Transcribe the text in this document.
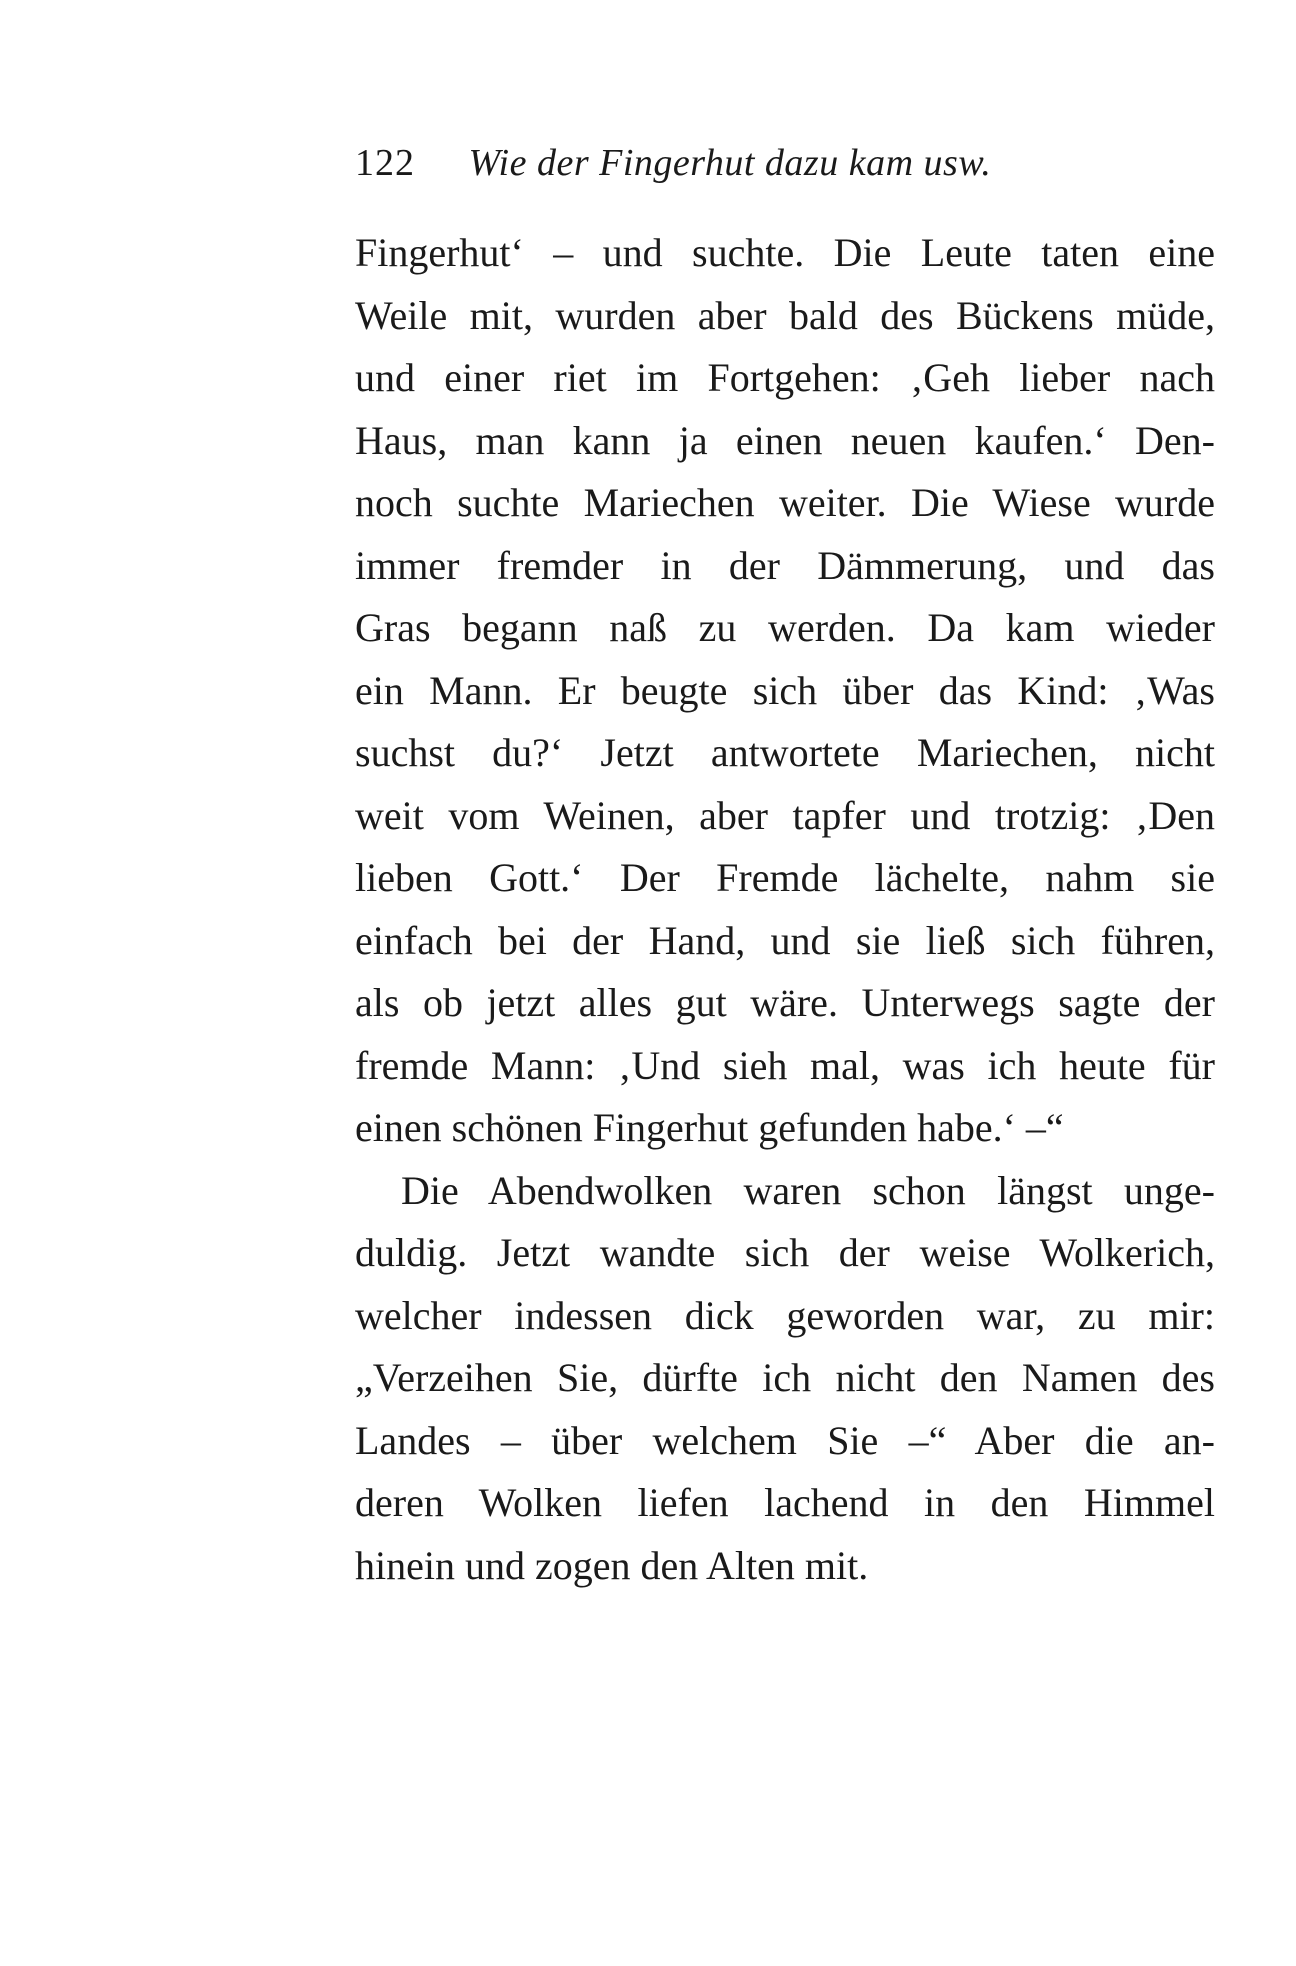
122 Wie der Fingerhut dazu kam usw.
Fingerhut‘ – und suchte. Die Leute taten eine
Weile mit, wurden aber bald des Bückens müde,
und einer riet im Fortgehen: ‚Geh lieber nach
Haus, man kann ja einen neuen kaufen.‘ Den-
noch suchte Mariechen weiter. Die Wiese wurde
immer fremder in der Dämmerung, und das
Gras begann naß zu werden. Da kam wieder
ein Mann. Er beugte sich über das Kind: ‚Was
suchst du?‘ Jetzt antwortete Mariechen, nicht
weit vom Weinen, aber tapfer und trotzig: ‚Den
lieben Gott.‘ Der Fremde lächelte, nahm sie
einfach bei der Hand, und sie ließ sich führen,
als ob jetzt alles gut wäre. Unterwegs sagte der
fremde Mann: ‚Und sieh mal, was ich heute für
einen schönen Fingerhut gefunden habe.‘ –“
Die Abendwolken waren schon längst unge-
duldig. Jetzt wandte sich der weise Wolkerich,
welcher indessen dick geworden war, zu mir:
„Verzeihen Sie, dürfte ich nicht den Namen des
Landes – über welchem Sie –“ Aber die an-
deren Wolken liefen lachend in den Himmel
hinein und zogen den Alten mit.
